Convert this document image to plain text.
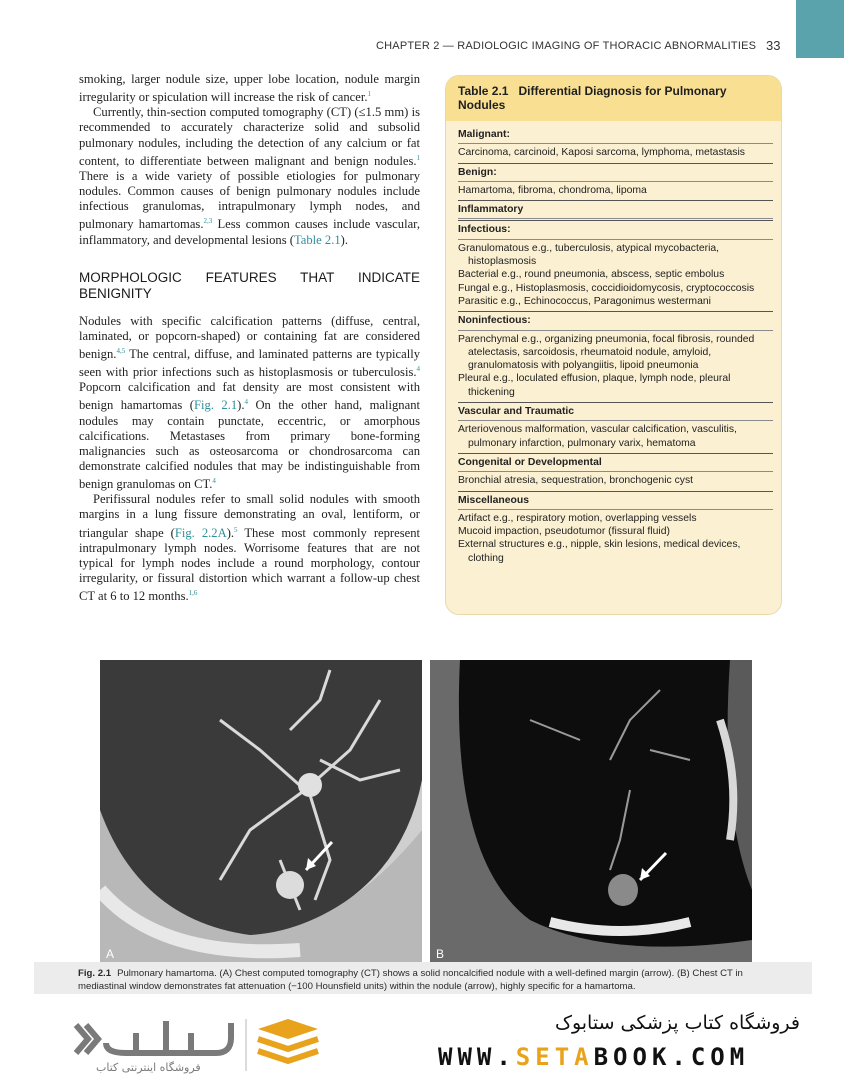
CHAPTER 2 — RADIOLOGIC IMAGING OF THORACIC ABNORMALITIES 33

smoking, larger nodule size, upper lobe location, nodule margin irregularity or spiculation will increase the risk of cancer.$^1$

Currently, thin-section computed tomography (CT) (≤1.5 mm) is recommended to accurately characterize solid and subsolid pulmonary nodules, including the detection of any calcium or fat content, to differentiate between malignant and benign nodules.$^1$ There is a wide variety of possible etiologies for pulmonary nodules. Common causes of benign pulmonary nodules include infectious granulomas, intrapulmonary lymph nodes, and pulmonary hamartomas.$^{2,3}$ Less common causes include vascular, inflammatory, and developmental lesions (Table 2.1).

MORPHOLOGIC FEATURES THAT INDICATE BENIGNITY

Nodules with specific calcification patterns (diffuse, central, laminated, or popcorn-shaped) or containing fat are considered benign.$^{4,5}$ The central, diffuse, and laminated patterns are typically seen with prior infections such as histoplasmosis or tuberculosis.$^4$ Popcorn calcification and fat density are most consistent with benign hamartomas (Fig. 2.1).$^4$ On the other hand, malignant nodules may contain punctate, eccentric, or amorphous calcifications. Metastases from primary bone-forming malignancies such as osteosarcoma or chondrosarcoma can demonstrate calcified nodules that may be indistinguishable from benign granulomas on CT.$^4$

Perifissural nodules refer to small solid nodules with smooth margins in a lung fissure demonstrating an oval, lentiform, or triangular shape (Fig. 2.2A).$^5$ These most commonly represent intrapulmonary lymph nodes. Worrisome features that are not typical for lymph nodes include a round morphology, contour irregularity, or fissural distortion which warrant a follow-up chest CT at 6 to 12 months.$^{1,6}$

Table 2.1 Differential Diagnosis for Pulmonary Nodules
Malignant:
Carcinoma, carcinoid, Kaposi sarcoma, lymphoma, metastasis
Benign:
Hamartoma, fibroma, chondroma, lipoma
Inflammatory
Infectious:
Granulomatous e.g., tuberculosis, atypical mycobacteria, histoplasmosis
Bacterial e.g., round pneumonia, abscess, septic embolus
Fungal e.g., Histoplasmosis, coccidioidomycosis, cryptococcosis
Parasitic e.g., Echinococcus, Paragonimus westermani
Noninfectious:
Parenchymal e.g., organizing pneumonia, focal fibrosis, rounded atelectasis, sarcoidosis, rheumatoid nodule, amyloid, granulomatosis with polyangiitis, lipoid pneumonia
Pleural e.g., loculated effusion, plaque, lymph node, pleural thickening
Vascular and Traumatic
Arteriovenous malformation, vascular calcification, vasculitis, pulmonary infarction, pulmonary varix, hematoma
Congenital or Developmental
Bronchial atresia, sequestration, bronchogenic cyst
Miscellaneous
Artifact e.g., respiratory motion, overlapping vessels
Mucoid impaction, pseudotumor (fissural fluid)
External structures e.g., nipple, skin lesions, medical devices, clothing
A	B
Fig. 2.1 Pulmonary hamartoma. (A) Chest computed tomography (CT) shows a solid noncalcified nodule with a well-defined margin (arrow). (B) Chest CT in mediastinal window demonstrates fat attenuation (−100 Hounsfield units) within the nodule (arrow), highly specific for a hamartoma.
فروشگاه اینترنتی کتاب
فروشگاه کتاب پزشکی ستابوک
WWW.SETABOOK.COM
